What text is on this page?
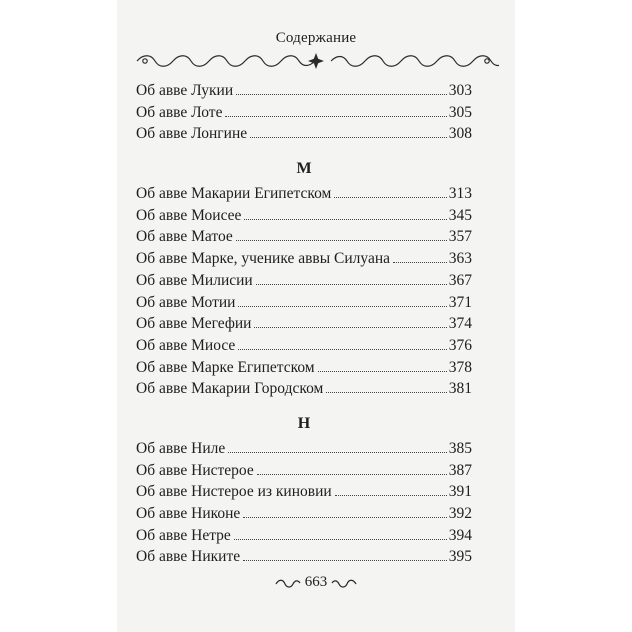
Содержание
Об авве Лукии	303
Об авве Лоте	305
Об авве Лонгине	308
М
Об авве Макарии Египетском	313
Об авве Моисее	345
Об авве Матое	357
Об авве Марке, ученике аввы Силуана	363
Об авве Милисии	367
Об авве Мотии	371
Об авве Мегефии	374
Об авве Миосе	376
Об авве Марке Египетском	378
Об авве Макарии Городском	381
Н
Об авве Ниле	385
Об авве Нистерое	387
Об авве Нистерое из киновии	391
Об авве Никоне	392
Об авве Нетре	394
Об авве Никите	395
663
